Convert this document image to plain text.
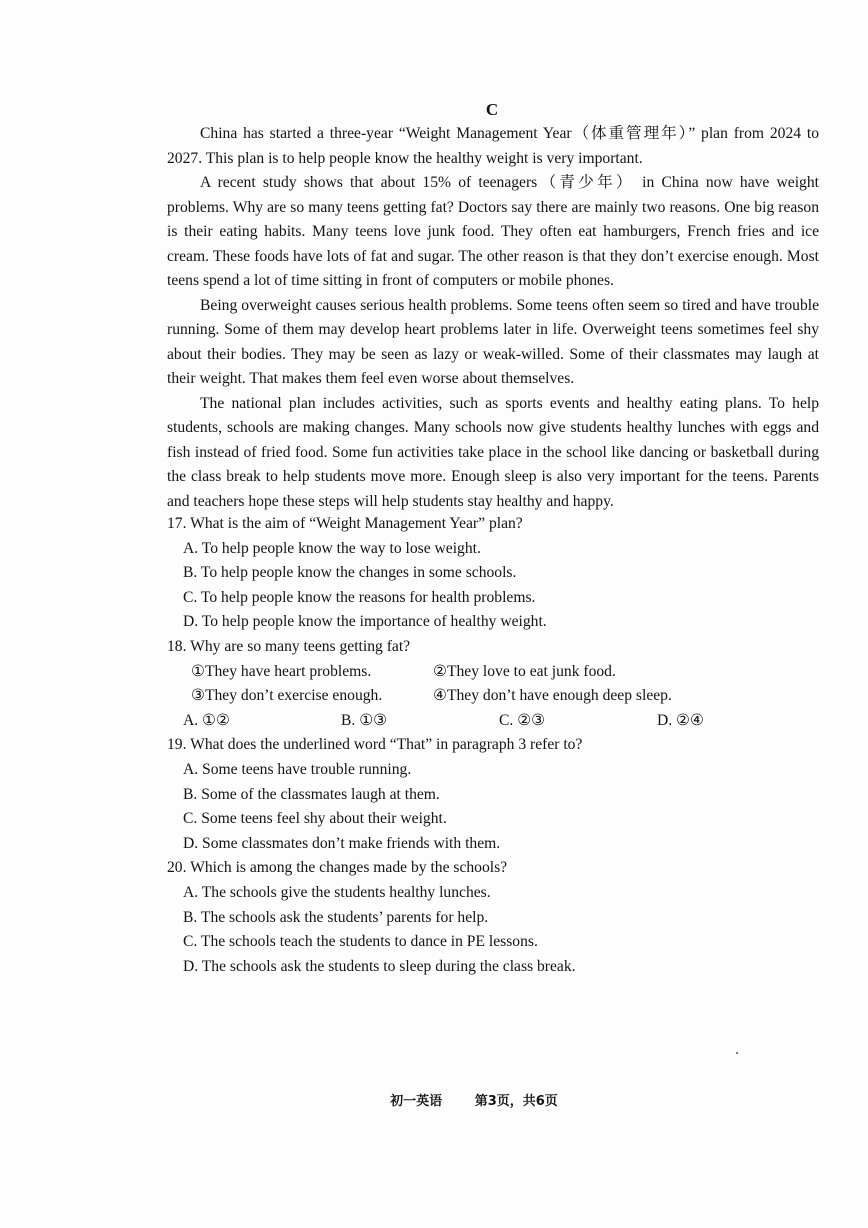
C

China has started a three-year “Weight Management Year（体重管理年）” plan from 2024 to 2027. This plan is to help people know the healthy weight is very important.

A recent study shows that about 15% of teenagers（青少年） in China now have weight problems. Why are so many teens getting fat? Doctors say there are mainly two reasons. One big reason is their eating habits. Many teens love junk food. They often eat hamburgers, French fries and ice cream. These foods have lots of fat and sugar. The other reason is that they don’t exercise enough. Most teens spend a lot of time sitting in front of computers or mobile phones.

Being overweight causes serious health problems. Some teens often seem so tired and have trouble running. Some of them may develop heart problems later in life. Overweight teens sometimes feel shy about their bodies. They may be seen as lazy or weak-willed. Some of their classmates may laugh at their weight. That makes them feel even worse about themselves.

The national plan includes activities, such as sports events and healthy eating plans. To help students, schools are making changes. Many schools now give students healthy lunches with eggs and fish instead of fried food. Some fun activities take place in the school like dancing or basketball during the class break to help students move more. Enough sleep is also very important for the teens. Parents and teachers hope these steps will help students stay healthy and happy.

17. What is the aim of “Weight Management Year” plan?

A. To help people know the way to lose weight.

B. To help people know the changes in some schools.

C. To help people know the reasons for health problems.

D. To help people know the importance of healthy weight.

18. Why are so many teens getting fat?

①They have heart problems.	②They love to eat junk food.
③They don’t exercise enough.	④They don’t have enough deep sleep.
A. ①②	B. ①③	C. ②③	D. ②④

19. What does the underlined word “That” in paragraph 3 refer to?

A. Some teens have trouble running.

B. Some of the classmates laugh at them.

C. Some teens feel shy about their weight.

D. Some classmates don’t make friends with them.

20. Which is among the changes made by the schools?

A. The schools give the students healthy lunches.

B. The schools ask the students’ parents for help.

C. The schools teach the students to dance in PE lessons.

D. The schools ask the students to sleep during the class break.

初一英语	第3页，共6页
